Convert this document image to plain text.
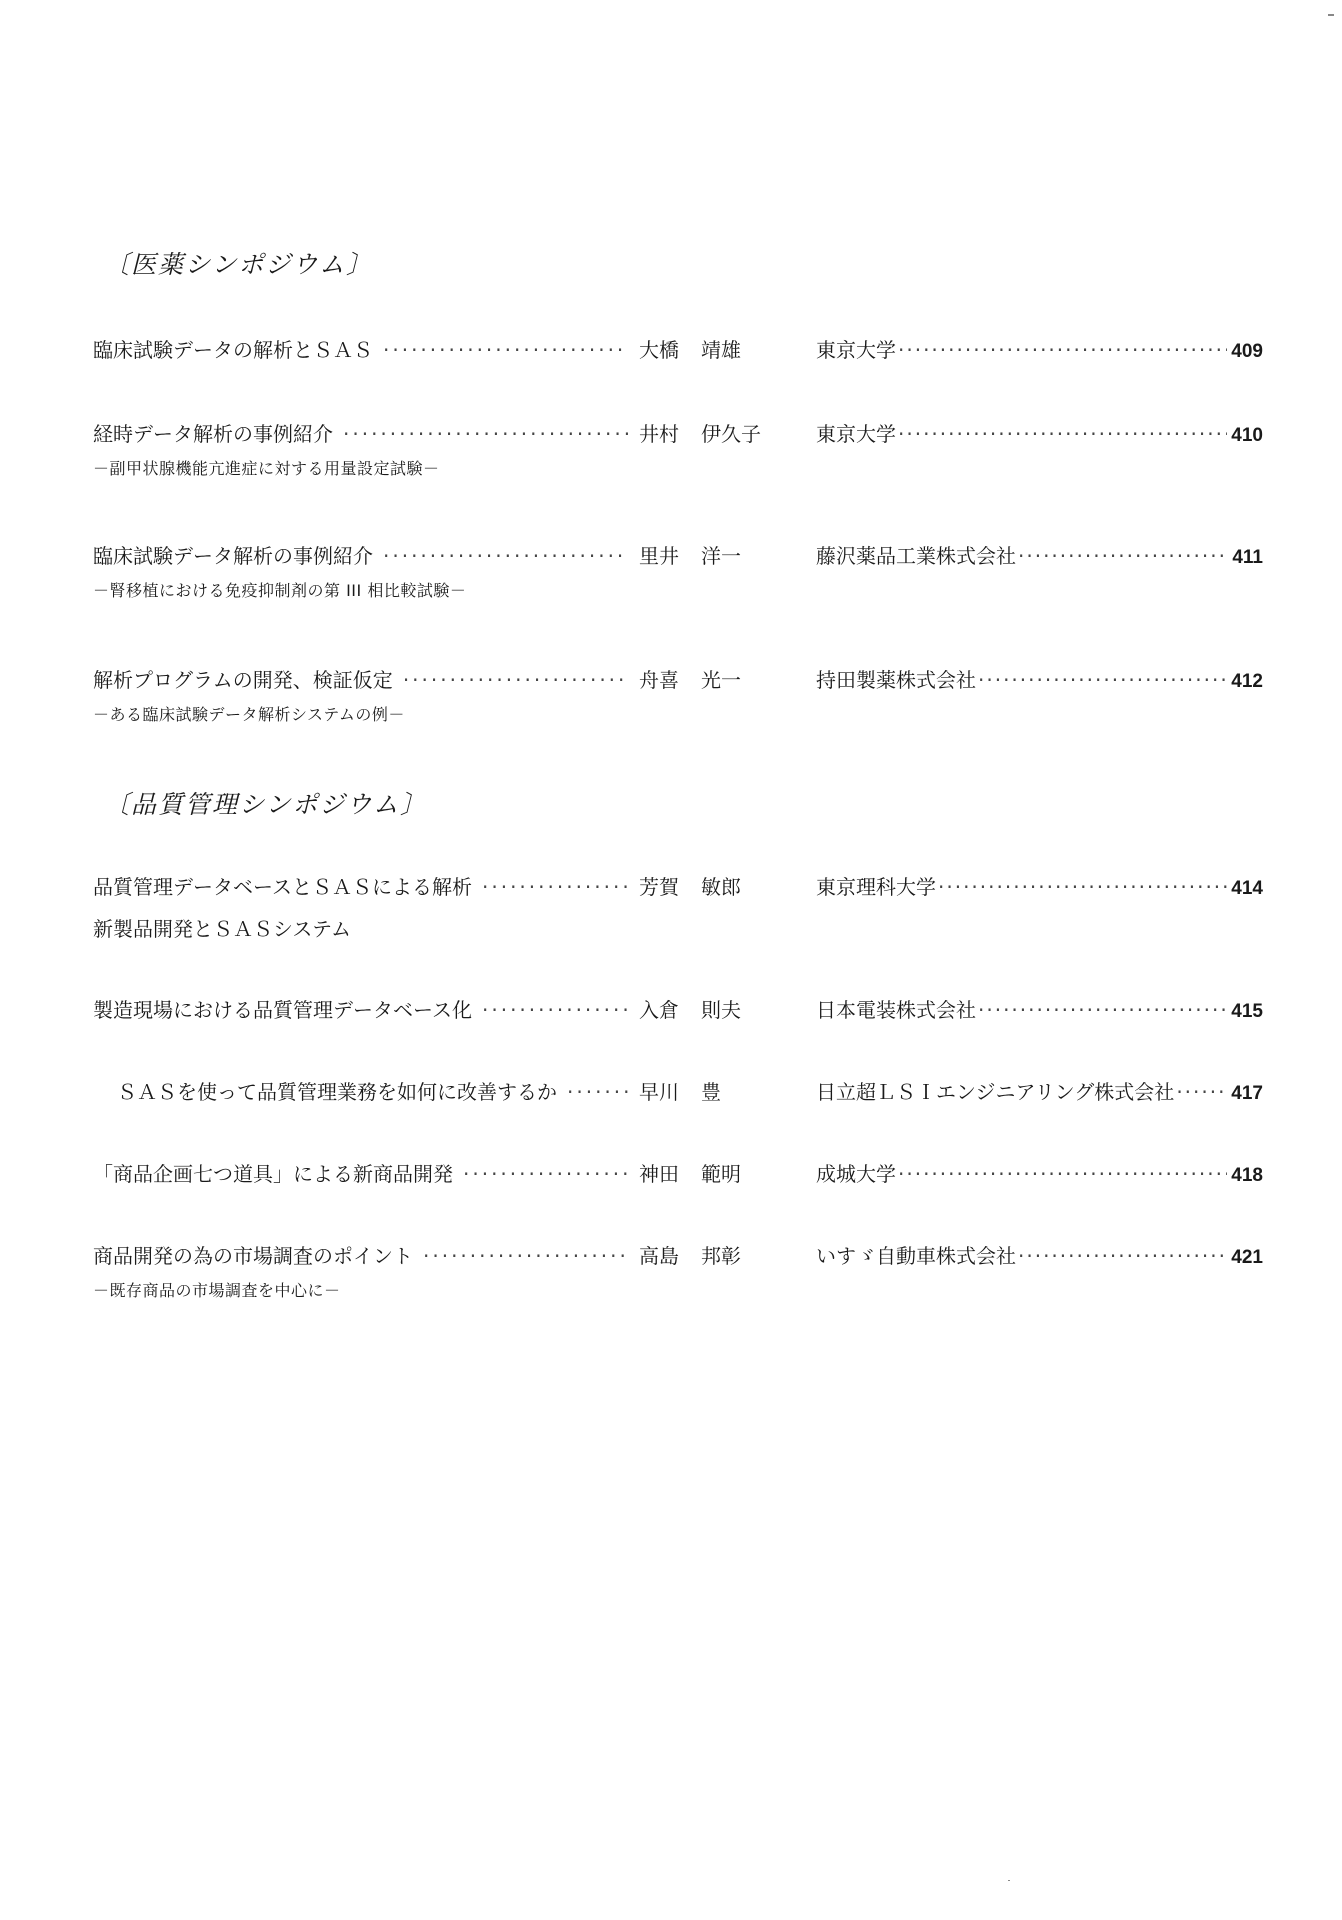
〔医薬シンポジウム〕
臨床試験データの解析とＳＡＳ ·····	大橋 靖雄	東京大学 ·····	409
経時データ解析の事例紹介 ·····	井村 伊久子	東京大学 ·····	410
－副甲状腺機能亢進症に対する用量設定試験－
臨床試験データ解析の事例紹介 ·····	里井 洋一	藤沢薬品工業株式会社 ·····	411
－腎移植における免疫抑制剤の第 III 相比較試験－
解析プログラムの開発、検証仮定 ·····	舟喜 光一	持田製薬株式会社 ·····	412
－ある臨床試験データ解析システムの例－
〔品質管理シンポジウム〕
品質管理データベースとＳＡＳによる解析 ·····	芳賀 敏郎	東京理科大学 ·····	414
新製品開発とＳＡＳシステム
製造現場における品質管理データベース化 ·····	入倉 則夫	日本電装株式会社 ·····	415
ＳＡＳを使って品質管理業務を如何に改善するか ·····	早川 豊	日立超ＬＳＩエンジニアリング株式会社 ·····	417
「商品企画七つ道具」による新商品開発 ·····	神田 範明	成城大学 ·····	418
商品開発の為の市場調査のポイント ·····	高島 邦彰	いすゞ自動車株式会社 ·····	421
－既存商品の市場調査を中心に－
